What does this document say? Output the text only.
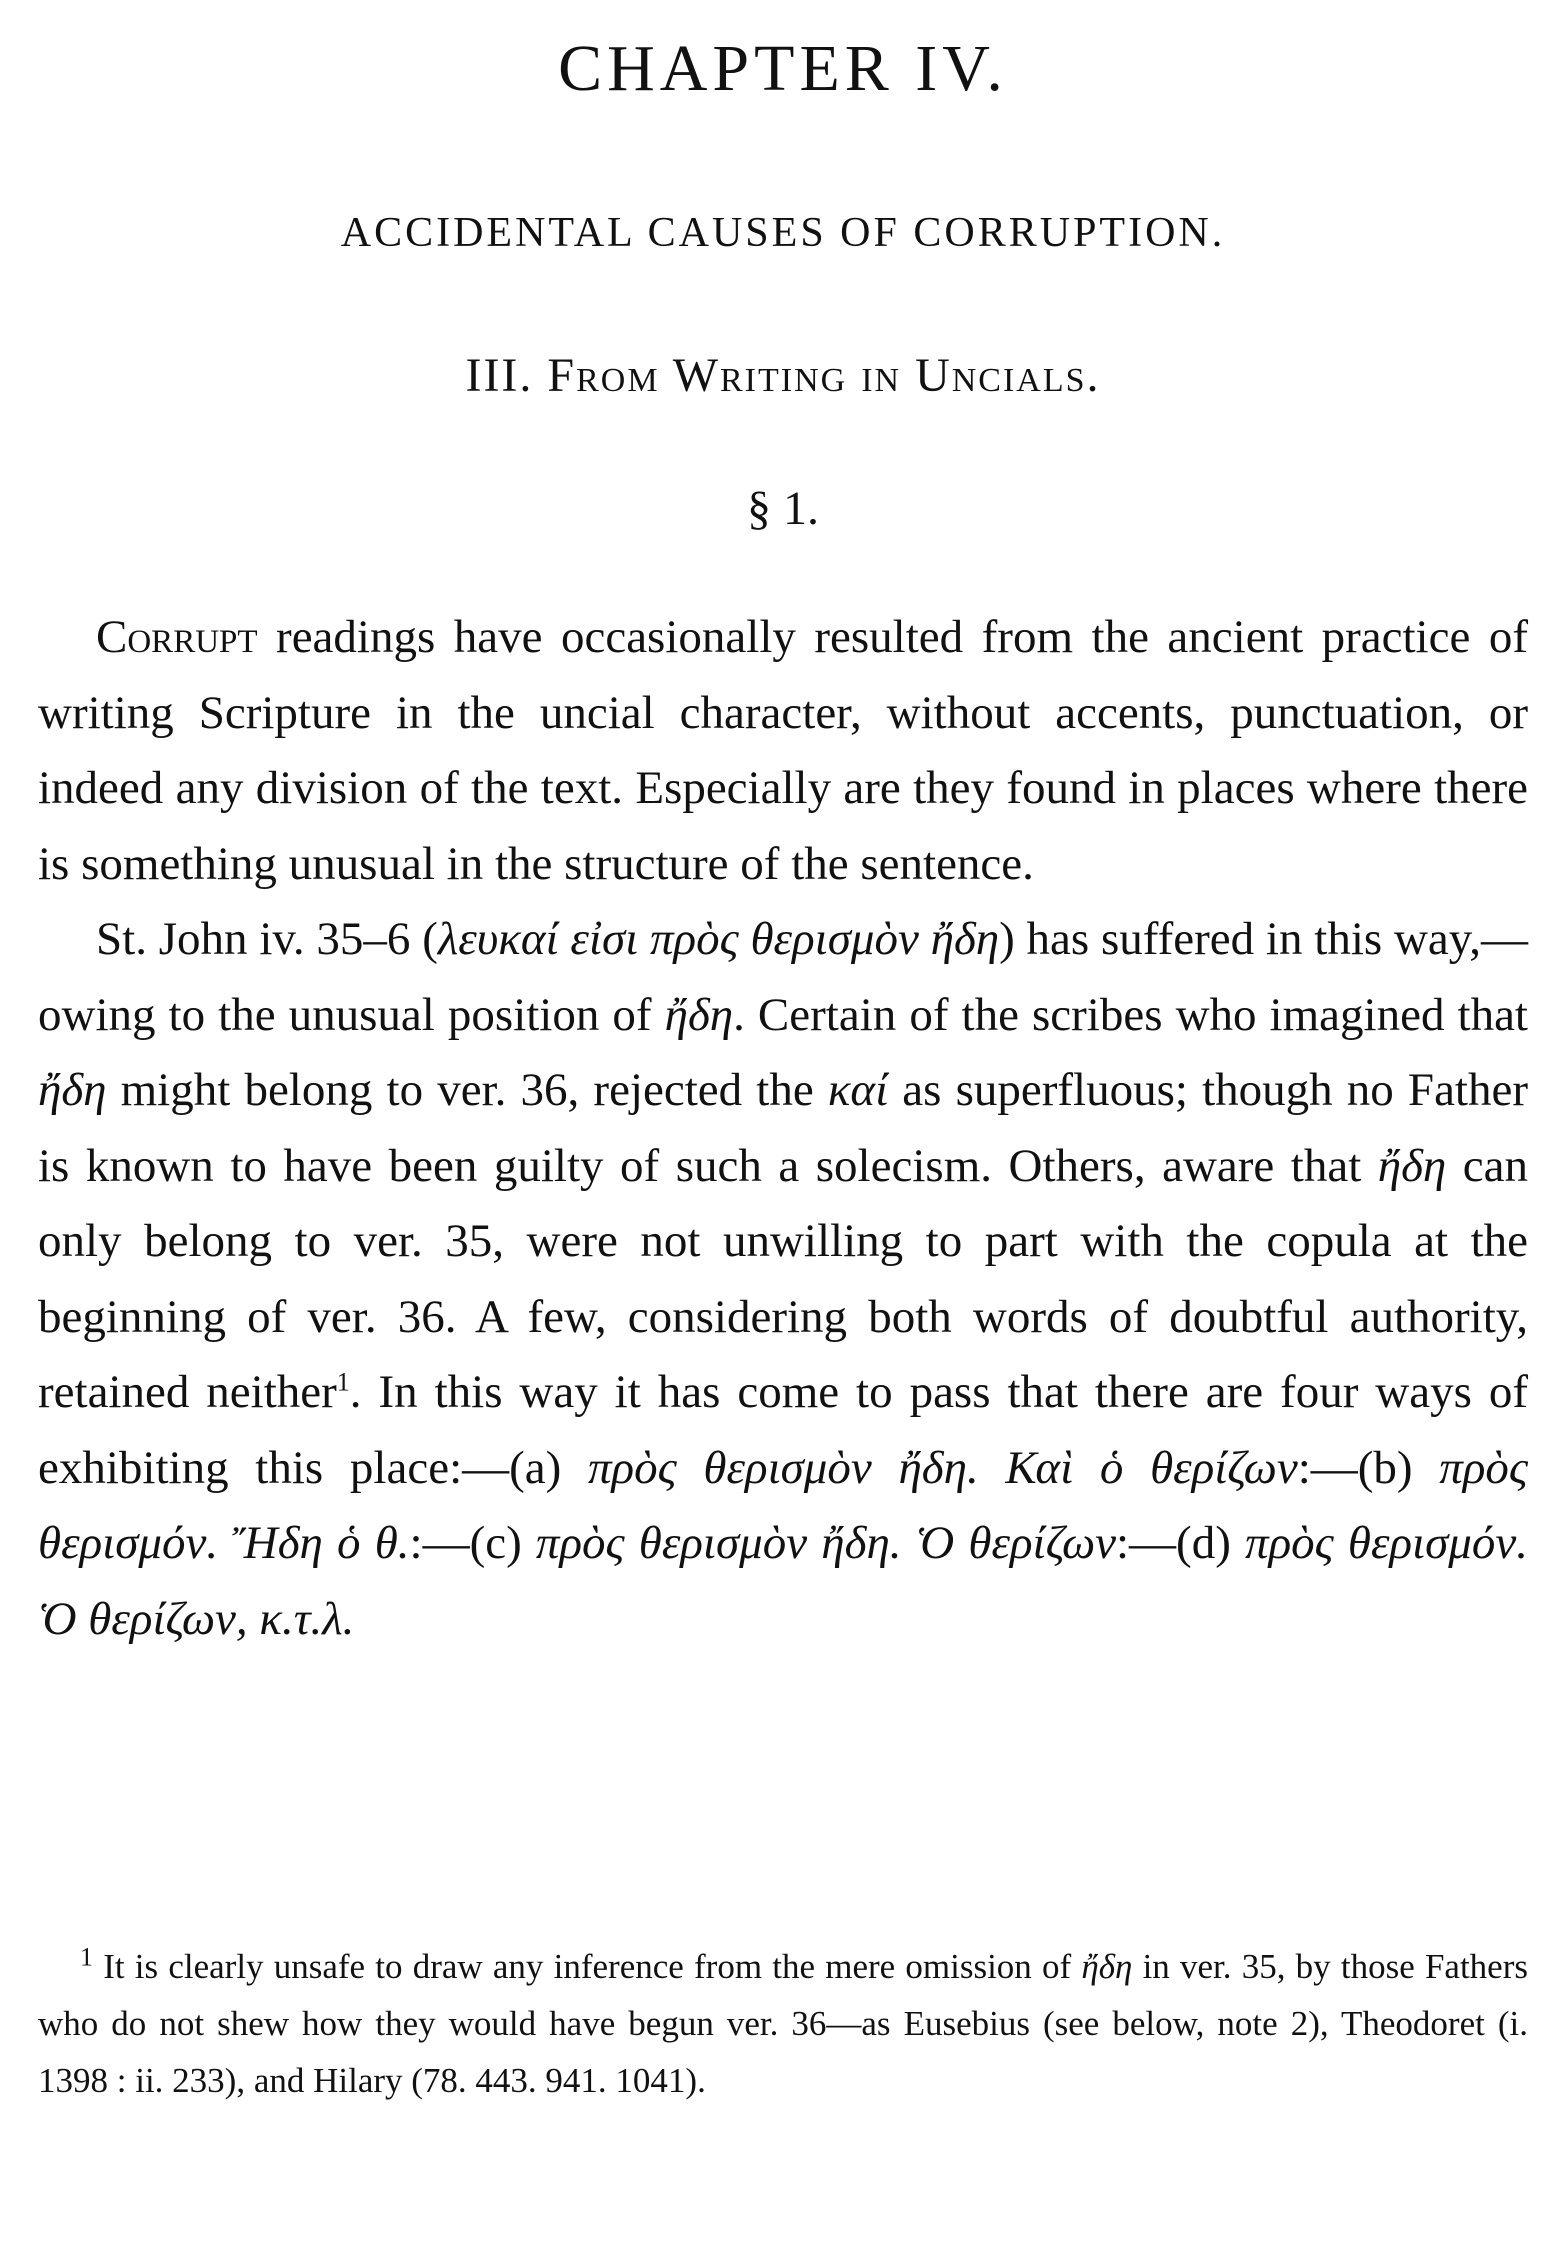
CHAPTER IV.
ACCIDENTAL CAUSES OF CORRUPTION.
III. From Writing in Uncials.
§ 1.

Corrupt readings have occasionally resulted from the ancient practice of writing Scripture in the uncial character, without accents, punctuation, or indeed any division of the text. Especially are they found in places where there is something unusual in the structure of the sentence.

St. John iv. 35–6 (λευκαί εἰσι πρὸς θερισμὸν ἤδη) has suffered in this way,—owing to the unusual position of ἤδη. Certain of the scribes who imagined that ἤδη might belong to ver. 36, rejected the καί as superfluous; though no Father is known to have been guilty of such a solecism. Others, aware that ἤδη can only belong to ver. 35, were not unwilling to part with the copula at the beginning of ver. 36. A few, considering both words of doubtful authority, retained neither$^1$. In this way it has come to pass that there are four ways of exhibiting this place:—(a) πρὸς θερισμὸν ἤδη. Καὶ ὁ θερίζων:—(b) πρὸς θερισμόν. Ἤδη ὁ θ.:—(c) πρὸς θερισμὸν ἤδη. Ὁ θερίζων:—(d) πρὸς θερισμόν. Ὁ θερίζων, κ.τ.λ.

$^1$ It is clearly unsafe to draw any inference from the mere omission of ἤδη in ver. 35, by those Fathers who do not shew how they would have begun ver. 36—as Eusebius (see below, note 2), Theodoret (i. 1398 : ii. 233), and Hilary (78. 443. 941. 1041).
